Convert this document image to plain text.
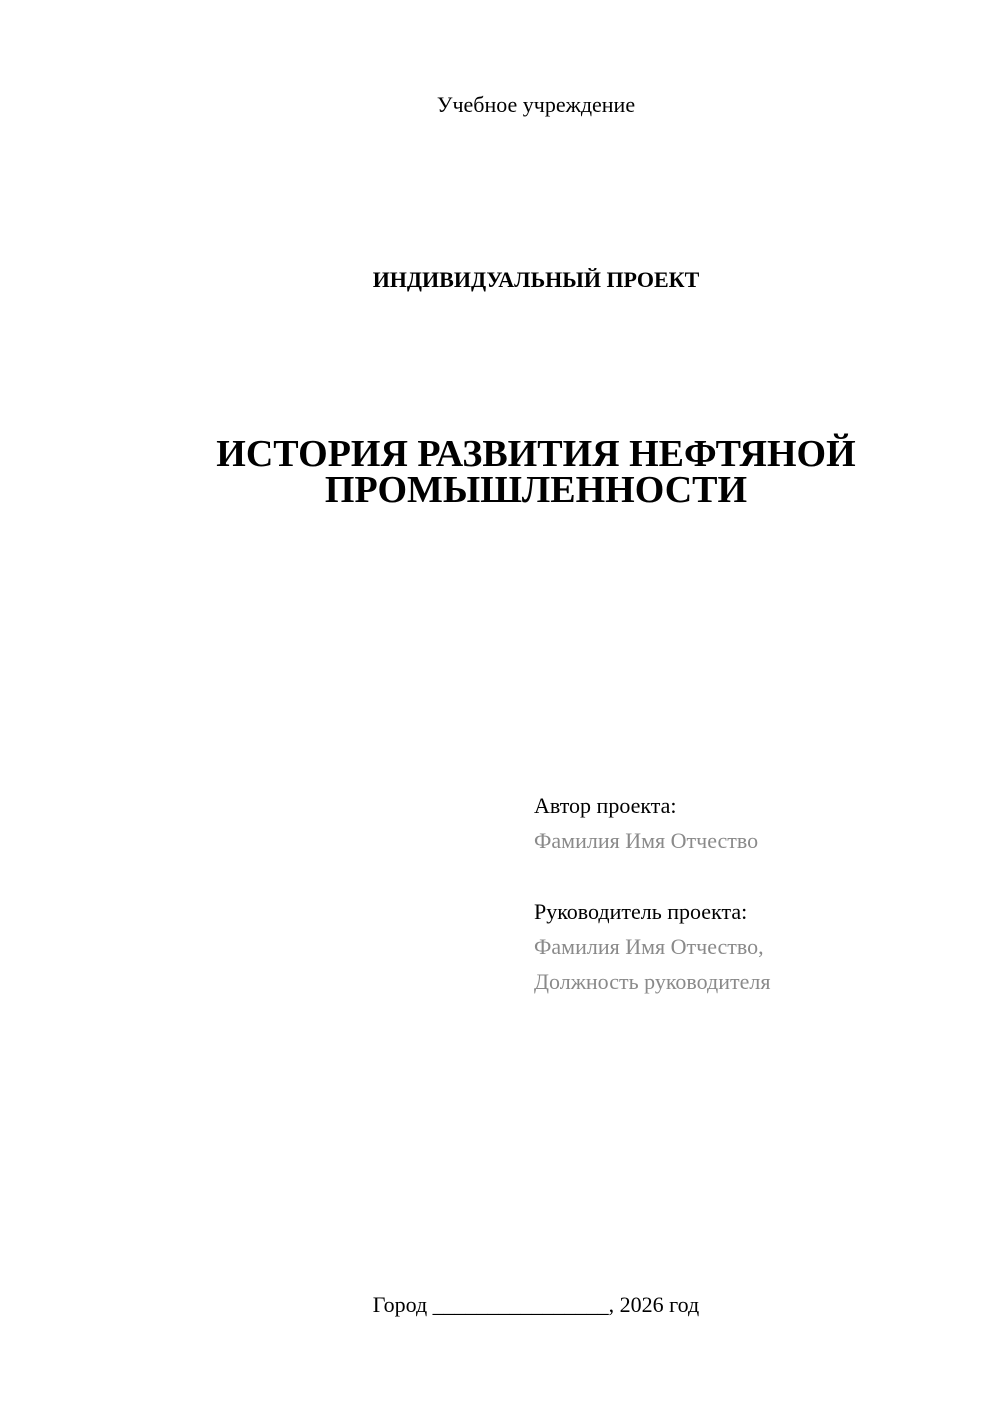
Учебное учреждение
ИНДИВИДУАЛЬНЫЙ ПРОЕКТ
ИСТОРИЯ РАЗВИТИЯ НЕФТЯНОЙ
ПРОМЫШЛЕННОСТИ
Автор проекта:
Фамилия Имя Отчество
Руководитель проекта:
Фамилия Имя Отчество,
Должность руководителя
Город ________________, 2026 год
